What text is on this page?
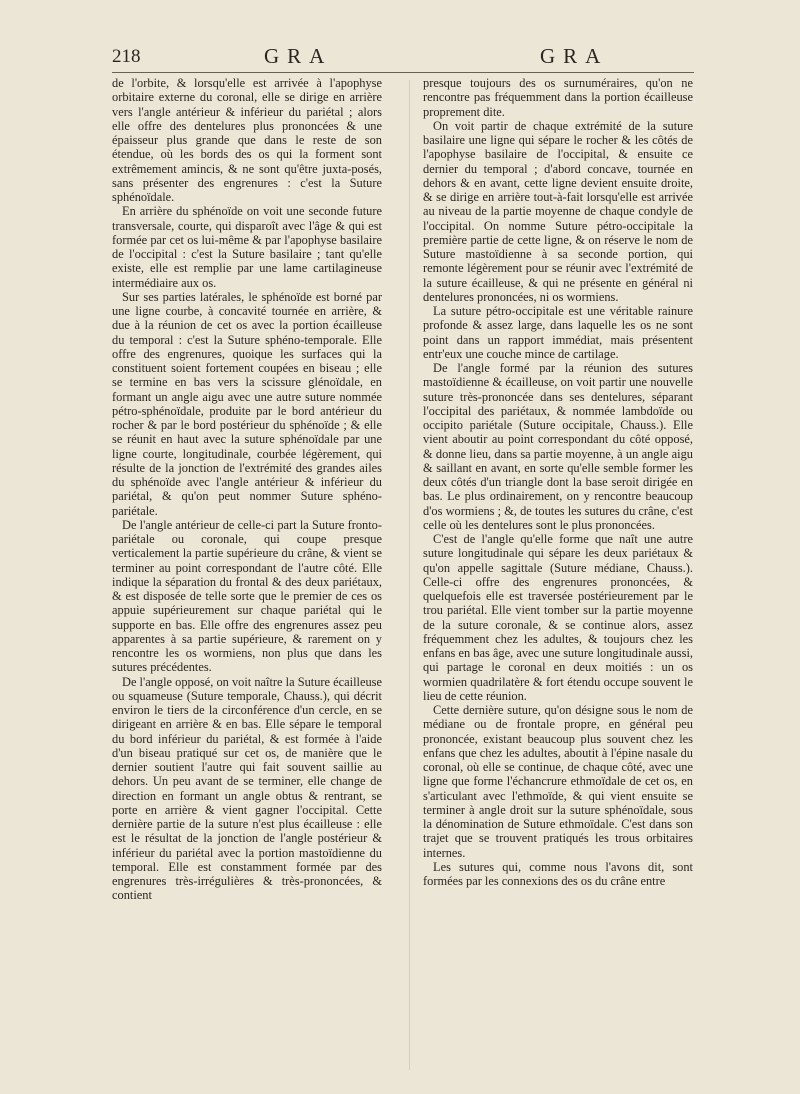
218	GRA	GRA

de l'orbite, & lorsqu'elle est arrivée à l'apophyse orbitaire externe du coronal, elle se dirige en arrière vers l'angle antérieur & inférieur du pariétal ; alors elle offre des dentelures plus prononcées & une épaisseur plus grande que dans le reste de son étendue, où les bords des os qui la forment sont extrêmement amincis, & ne sont qu'être juxta-posés, sans présenter des engrenures : c'est la Suture sphénoïdale.

En arrière du sphénoïde on voit une seconde future transversale, courte, qui disparoît avec l'âge & qui est formée par cet os lui-même & par l'apophyse basilaire de l'occipital : c'est la Suture basilaire ; tant qu'elle existe, elle est remplie par une lame cartilagineuse intermédiaire aux os.

Sur ses parties latérales, le sphénoïde est borné par une ligne courbe, à concavité tournée en arrière, & due à la réunion de cet os avec la portion écailleuse du temporal : c'est la Suture sphéno-temporale. Elle offre des engrenures, quoique les surfaces qui la constituent soient fortement coupées en biseau ; elle se termine en bas vers la scissure glénoïdale, en formant un angle aigu avec une autre suture nommée pétro-sphénoïdale, produite par le bord antérieur du rocher & par le bord postérieur du sphénoïde ; & elle se réunit en haut avec la suture sphénoïdale par une ligne courte, longitudinale, courbée légèrement, qui résulte de la jonction de l'extrémité des grandes ailes du sphénoïde avec l'angle antérieur & inférieur du pariétal, & qu'on peut nommer Suture sphéno-pariétale.

De l'angle antérieur de celle-ci part la Suture fronto-pariétale ou coronale, qui coupe presque verticalement la partie supérieure du crâne, & vient se terminer au point correspondant de l'autre côté. Elle indique la séparation du frontal & des deux pariétaux, & est disposée de telle sorte que le premier de ces os appuie supérieurement sur chaque pariétal qui le supporte en bas. Elle offre des engrenures assez peu apparentes à sa partie supérieure, & rarement on y rencontre les os wormiens, non plus que dans les sutures précédentes.

De l'angle opposé, on voit naître la Suture écailleuse ou squameuse (Suture temporale, Chauss.), qui décrit environ le tiers de la circonférence d'un cercle, en se dirigeant en arrière & en bas. Elle sépare le temporal du bord inférieur du pariétal, & est formée à l'aide d'un biseau pratiqué sur cet os, de manière que le dernier soutient l'autre qui fait souvent saillie au dehors. Un peu avant de se terminer, elle change de direction en formant un angle obtus & rentrant, se porte en arrière & vient gagner l'occipital. Cette dernière partie de la suture n'est plus écailleuse : elle est le résultat de la jonction de l'angle postérieur & inférieur du pariétal avec la portion mastoïdienne du temporal. Elle est constamment formée par des engrenures très-irrégulières & très-prononcées, & contient

presque toujours des os surnuméraires, qu'on ne rencontre pas fréquemment dans la portion écailleuse proprement dite.

On voit partir de chaque extrémité de la suture basilaire une ligne qui sépare le rocher & les côtés de l'apophyse basilaire de l'occipital, & ensuite ce dernier du temporal ; d'abord concave, tournée en dehors & en avant, cette ligne devient ensuite droite, & se dirige en arrière tout-à-fait lorsqu'elle est arrivée au niveau de la partie moyenne de chaque condyle de l'occipital. On nomme Suture pétro-occipitale la première partie de cette ligne, & on réserve le nom de Suture mastoïdienne à sa seconde portion, qui remonte légèrement pour se réunir avec l'extrémité de la suture écailleuse, & qui ne présente en général ni dentelures prononcées, ni os wormiens.

La suture pétro-occipitale est une véritable rainure profonde & assez large, dans laquelle les os ne sont point dans un rapport immédiat, mais présentent entr'eux une couche mince de cartilage.

De l'angle formé par la réunion des sutures mastoïdienne & écailleuse, on voit partir une nouvelle suture très-prononcée dans ses dentelures, séparant l'occipital des pariétaux, & nommée lambdoïde ou occipito pariétale (Suture occipitale, Chauss.). Elle vient aboutir au point correspondant du côté opposé, & donne lieu, dans sa partie moyenne, à un angle aigu & saillant en avant, en sorte qu'elle semble former les deux côtés d'un triangle dont la base seroit dirigée en bas. Le plus ordinairement, on y rencontre beaucoup d'os wormiens ; &, de toutes les sutures du crâne, c'est celle où les dentelures sont le plus prononcées.

C'est de l'angle qu'elle forme que naît une autre suture longitudinale qui sépare les deux pariétaux & qu'on appelle sagittale (Suture médiane, Chauss.). Celle-ci offre des engrenures prononcées, & quelquefois elle est traversée postérieurement par le trou pariétal. Elle vient tomber sur la partie moyenne de la suture coronale, & se continue alors, assez fréquemment chez les adultes, & toujours chez les enfans en bas âge, avec une suture longitudinale aussi, qui partage le coronal en deux moitiés : un os wormien quadrilatère & fort étendu occupe souvent le lieu de cette réunion.

Cette dernière suture, qu'on désigne sous le nom de médiane ou de frontale propre, en général peu prononcée, existant beaucoup plus souvent chez les enfans que chez les adultes, aboutit à l'épine nasale du coronal, où elle se continue, de chaque côté, avec une ligne que forme l'échancrure ethmoïdale de cet os, en s'articulant avec l'ethmoïde, & qui vient ensuite se terminer à angle droit sur la suture sphénoïdale, sous la dénomination de Suture ethmoïdale. C'est dans son trajet que se trouvent pratiqués les trous orbitaires internes.

Les sutures qui, comme nous l'avons dit, sont formées par les connexions des os du crâne entre
